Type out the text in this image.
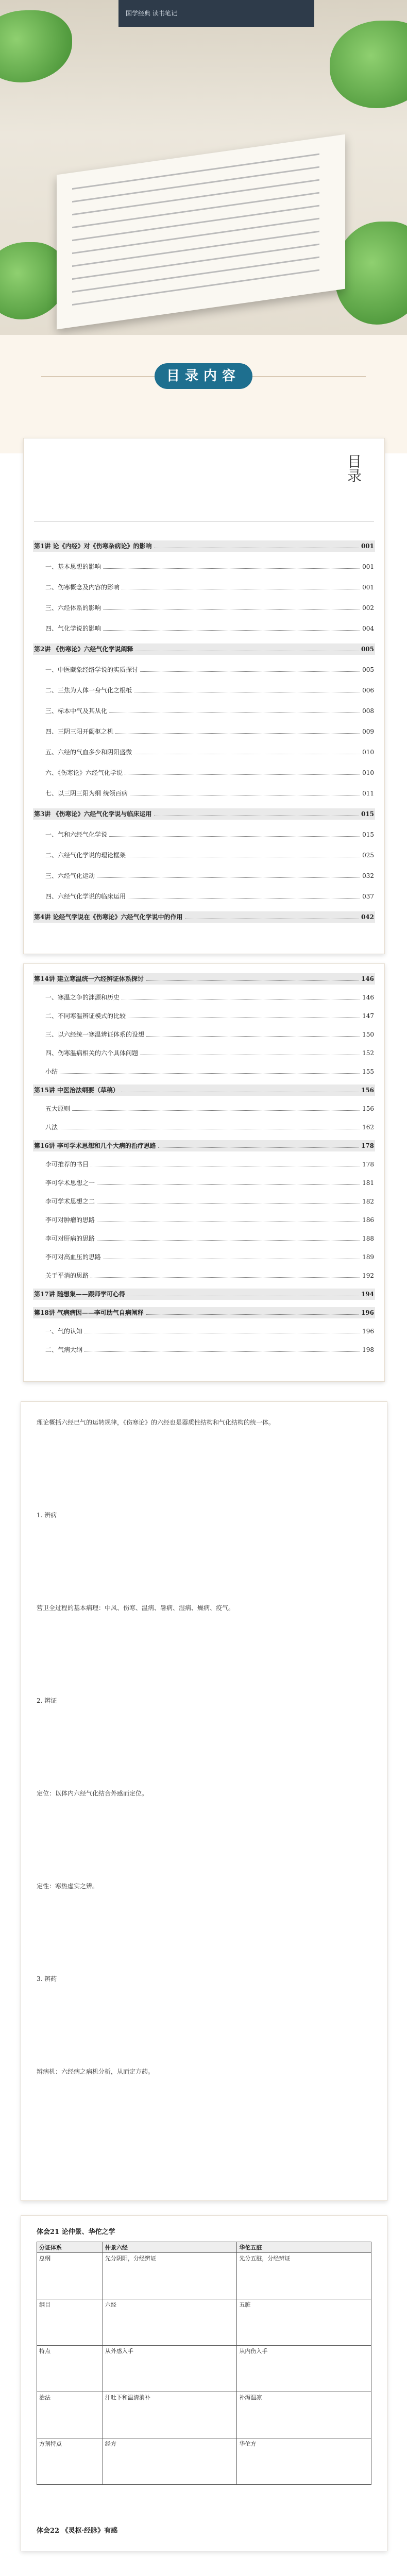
国学经典 读书笔记
目录内容
目录
第1讲 论《内经》对《伤寒杂病论》的影响	001
一、基本思想的影响	001
二、伤寒概念及内容的影响	001
三、六经体系的影响	002
四、气化学说的影响	004
第2讲 《伤寒论》六经气化学说阐释	005
一、中医藏象经络学说的实质探讨	005
二、三焦为人体一身气化之根柢	006
三、标本中气及其从化	008
四、三阴三阳开阖枢之机	009
五、六经的气血多少和阴阳盛微	010
六、《伤寒论》六经气化学说	010
七、以三阴三阳为纲 统领百病	011
第3讲 《伤寒论》六经气化学说与临床运用	015
一、气和六经气化学说	015
二、六经气化学说的理论框架	025
三、六经气化运动	032
四、六经气化学说的临床运用	037
第4讲 论经气学说在《伤寒论》六经气化学说中的作用	042
第14讲 建立寒温统一六经辨证体系探讨	146
一、寒温之争的渊源和历史	146
二、不同寒温辨证模式的比较	147
三、以六经统一寒温辨证体系的设想	150
四、伤寒温病相关的六个具体问题	152
小结	155
第15讲 中医治法纲要（草稿）	156
五大原则	156
八法	162
第16讲 李可学术思想和几个大病的治疗思路	178
李可推荐的书目	178
李可学术思想之一	181
李可学术思想之二	182
李可对肿瘤的思路	186
李可对肝病的思路	188
李可对高血压的思路	189
关于平消的思路	192
第17讲 随想集——跟师学可心得	194
第18讲 气病病因——李可助气自病阐释	196
一、气的认知	196
二、气病大纲	198
理论概括六经已气的运转规律，《伤寒论》的六经也是器质性结构和气化结构的统一体。
1. 辨病
营卫全过程的基本病理：中风、伤寒、温病、暑病、湿病、燥病、疫气。
2. 辨证
定位：以体内六经气化结合外感而定位。
定性：寒热虚实之辨。
3. 辨药
辨病机：六经病之病机分析，从而定方药。
体会21 论仲景、华佗之学
分证体系	仲景六经	华佗五脏
总纲	先分阴阳，分经辨证	先分五脏，分经辨证
纲目	六经	五脏
特点	从外感入手	从内伤入手
治法	汗吐下和温清消补	补泻温凉
方剂特点	经方	华佗方
体会22 《灵枢·经脉》有感
